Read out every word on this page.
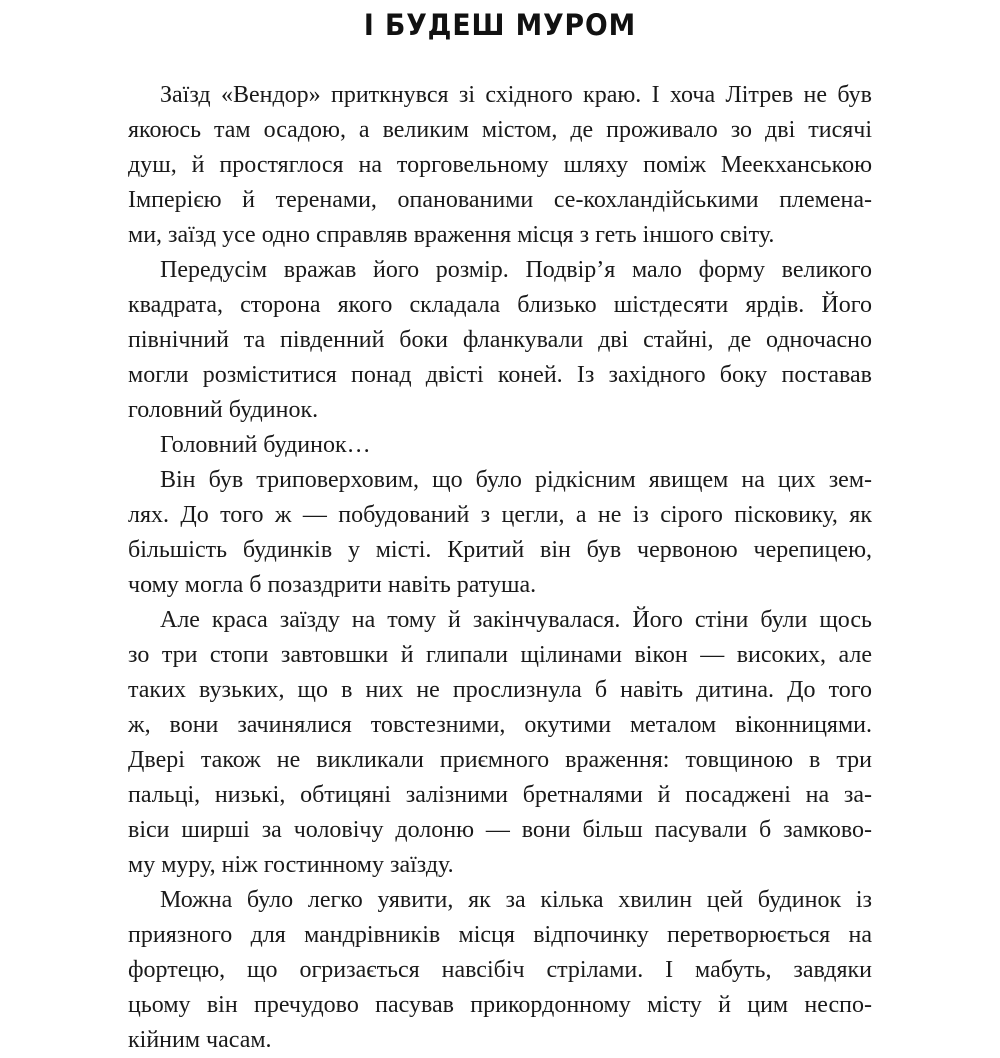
І БУДЕШ МУРОМ
Заїзд «Вендор» приткнувся зі східного краю. І хоча Літрев не був
якоюсь там осадою, а великим містом, де проживало зо дві тисячі
душ, й простяглося на торговельному шляху поміж Меекханською
Імперією й теренами, опанованими се-кохландійськими племена-
ми, заїзд усе одно справляв враження місця з геть іншого світу.
Передусім вражав його розмір. Подвір’я мало форму великого
квадрата, сторона якого складала близько шістдесяти ярдів. Його
північний та південний боки фланкували дві стайні, де одночасно
могли розміститися понад двісті коней. Із західного боку поставав
головний будинок.
Головний будинок…
Він був триповерховим, що було рідкісним явищем на цих зем-
лях. До того ж — побудований з цегли, а не із сірого пісковику, як
більшість будинків у місті. Критий він був червоною черепицею,
чому могла б позаздрити навіть ратуша.
Але краса заїзду на тому й закінчувалася. Його стіни були щось
зо три стопи завтовшки й глипали щілинами вікон — високих, але
таких вузьких, що в них не прослизнула б навіть дитина. До того
ж, вони зачинялися товстезними, окутими металом віконницями.
Двері також не викликали приємного враження: товщиною в три
пальці, низькі, обтицяні залізними бретналями й посаджені на за-
віси ширші за чоловічу долоню — вони більш пасували б замково-
му муру, ніж гостинному заїзду.
Можна було легко уявити, як за кілька хвилин цей будинок із
приязного для мандрівників місця відпочинку перетворюється на
фортецю, що огризається навсібіч стрілами. І мабуть, завдяки
цьому він пречудово пасував прикордонному місту й цим неспо-
кійним часам.
